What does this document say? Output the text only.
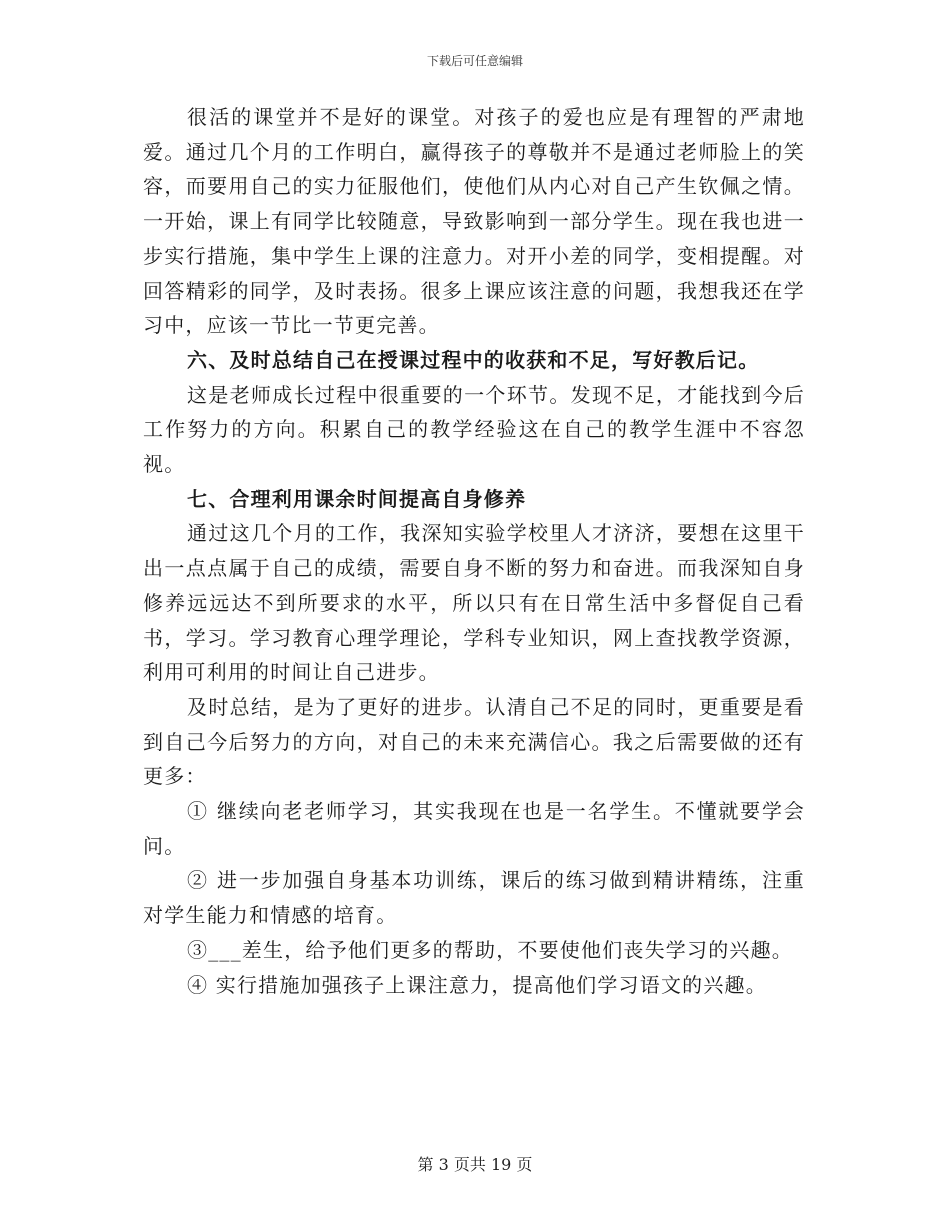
下载后可任意编辑

很活的课堂并不是好的课堂。对孩子的爱也应是有理智的严肃地爱。通过几个月的工作明白，赢得孩子的尊敬并不是通过老师脸上的笑容，而要用自己的实力征服他们，使他们从内心对自己产生钦佩之情。一开始，课上有同学比较随意，导致影响到一部分学生。现在我也进一步实行措施，集中学生上课的注意力。对开小差的同学，变相提醒。对回答精彩的同学，及时表扬。很多上课应该注意的问题，我想我还在学习中，应该一节比一节更完善。

六、及时总结自己在授课过程中的收获和不足，写好教后记。

这是老师成长过程中很重要的一个环节。发现不足，才能找到今后工作努力的方向。积累自己的教学经验这在自己的教学生涯中不容忽视。

七、合理利用课余时间提高自身修养

通过这几个月的工作，我深知实验学校里人才济济，要想在这里干出一点点属于自己的成绩，需要自身不断的努力和奋进。而我深知自身修养远远达不到所要求的水平，所以只有在日常生活中多督促自己看书，学习。学习教育心理学理论，学科专业知识，网上查找教学资源，利用可利用的时间让自己进步。

及时总结，是为了更好的进步。认清自己不足的同时，更重要是看到自己今后努力的方向，对自己的未来充满信心。我之后需要做的还有更多：

① 继续向老老师学习，其实我现在也是一名学生。不懂就要学会问。

② 进一步加强自身基本功训练，课后的练习做到精讲精练，注重对学生能力和情感的培育。

③___差生，给予他们更多的帮助，不要使他们丧失学习的兴趣。

④ 实行措施加强孩子上课注意力，提高他们学习语文的兴趣。

第 3 页共 19 页
